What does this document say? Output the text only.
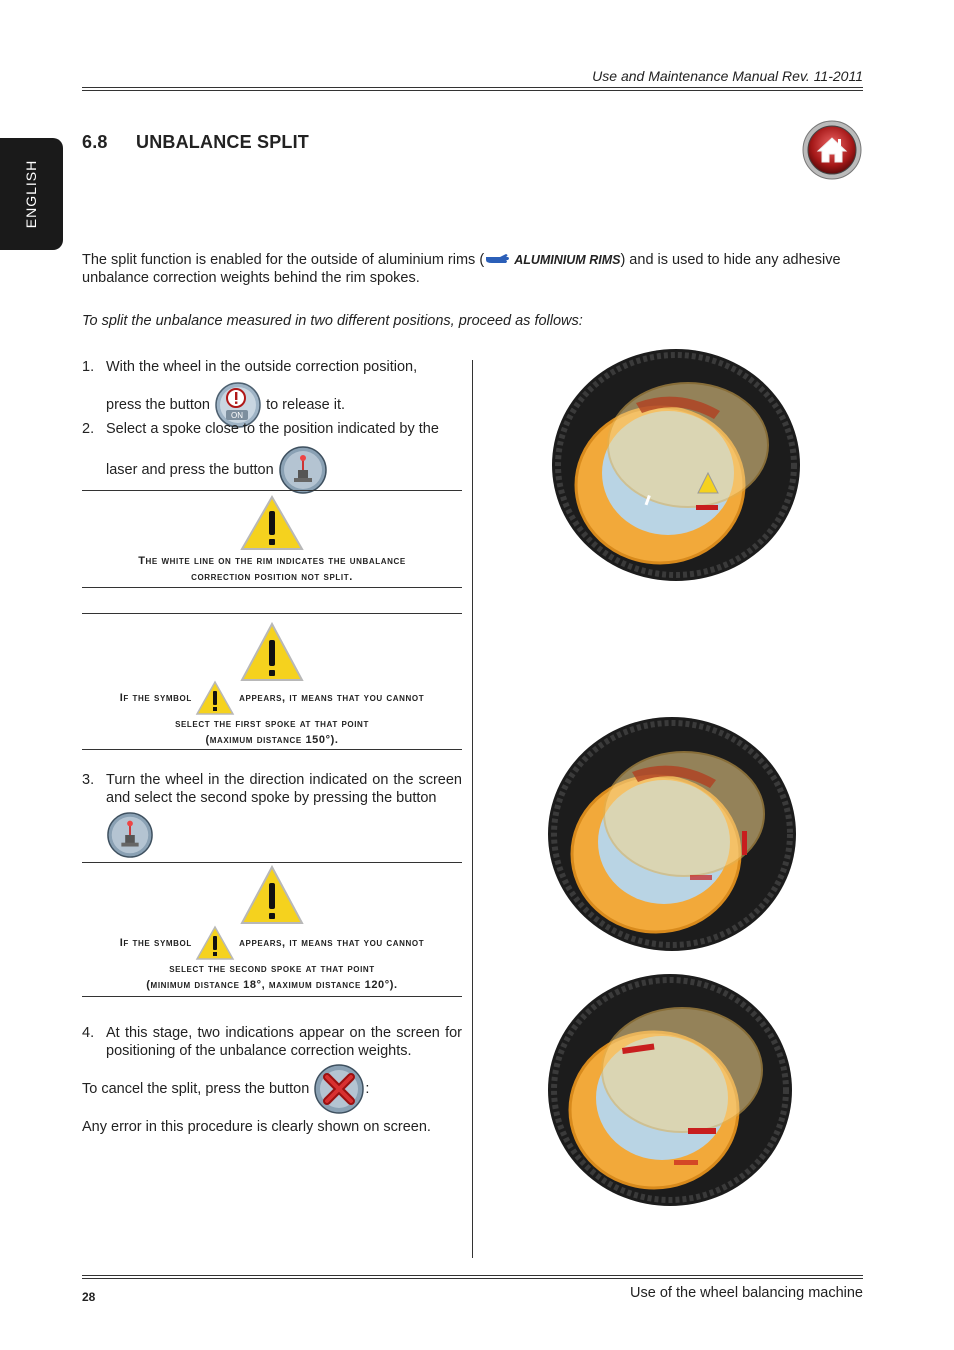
Use and Maintenance Manual Rev. 11-2011
ENGLISH
6.8 UNBALANCE SPLIT

The split function is enabled for the outside of aluminium rims ( ALUMINIUM RIMS) and is used to hide any adhesive unbalance correction weights behind the rim spokes.

To split the unbalance measured in two different positions, proceed as follows:
1. With the wheel in the outside correction position,
press the button
ON
to release it.
2. Select a spoke close to the position indicated by the
laser and press the button
The white line on the rim indicates the unbalance
correction position not split.
If the symbol	appears, it means that you cannot
select the first spoke at that point
(maximum distance 150°).
3. Turn the wheel in the direction indicated on the screen and select the second spoke by pressing the button
If the symbol	appears, it means that you cannot
select the second spoke at that point
(minimum distance 18°, maximum distance 120°).
4. At this stage, two indications appear on the screen for positioning of the unbalance correction weights.
To cancel the split, press the button	:
Any error in this procedure is clearly shown on screen.
28	Use of the wheel balancing machine
